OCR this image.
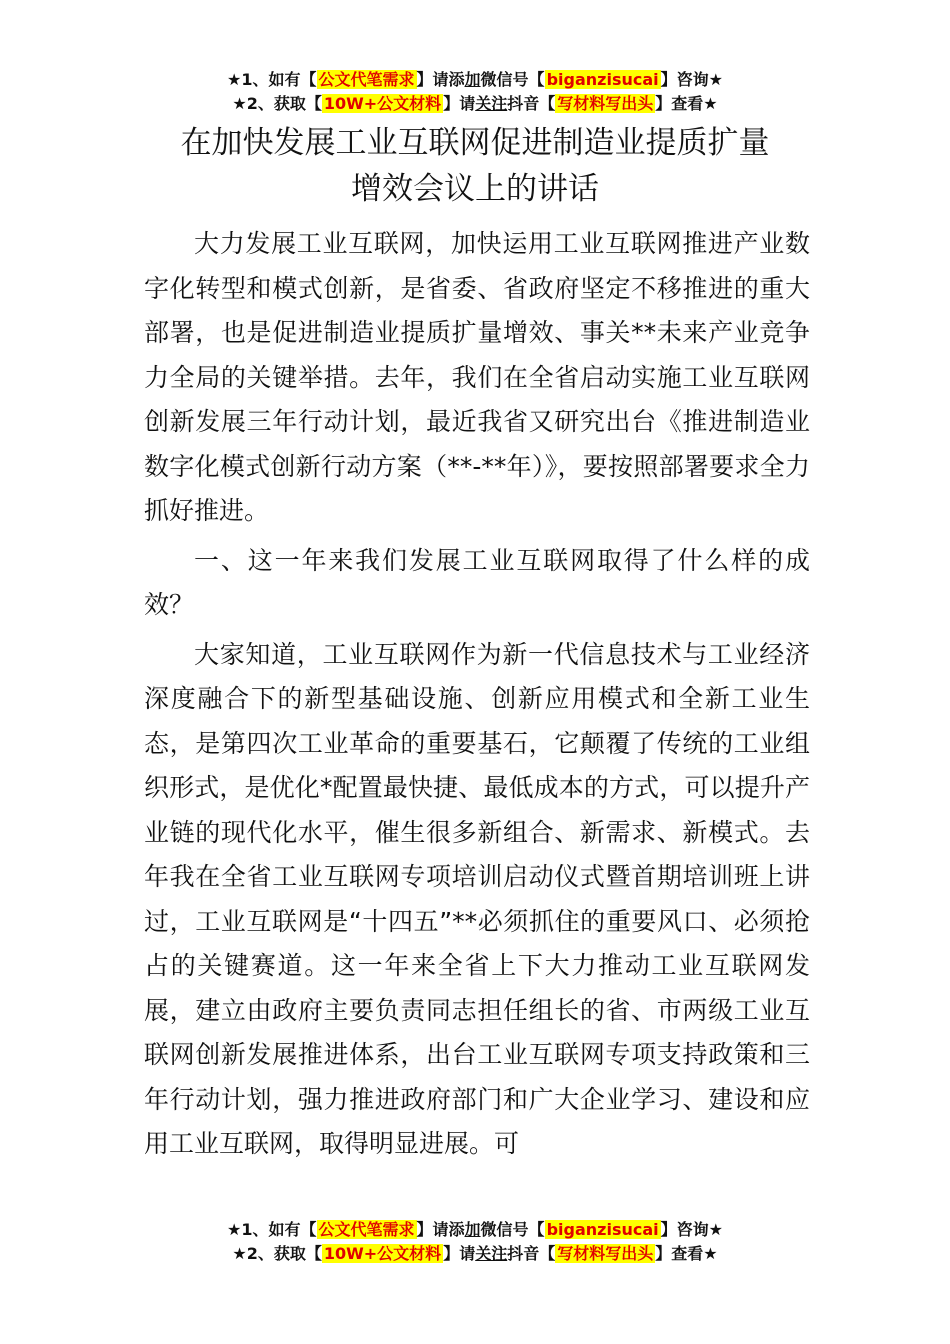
★1、如有【 公文代笔需求 】请添加微信号【 biganzisucai 】咨询★
★2、获取【 10W+公文材料 】请关注抖音【 写材料写出头 】查看★
在加快发展工业互联网促进制造业提质扩量
增效会议上的讲话

大力发展工业互联网，加快运用工业互联网推进产业数字化转型和模式创新，是省委、省政府坚定不移推进的重大部署，也是促进制造业提质扩量增效、事关**未来产业竞争力全局的关键举措。去年，我们在全省启动实施工业互联网创新发展三年行动计划，最近我省又研究出台《推进制造业数字化模式创新行动方案（**-**年）》，要按照部署要求全力抓好推进。

一、这一年来我们发展工业互联网取得了什么样的成效？

大家知道，工业互联网作为新一代信息技术与工业经济深度融合下的新型基础设施、创新应用模式和全新工业生态，是第四次工业革命的重要基石，它颠覆了传统的工业组织形式，是优化*配置最快捷、最低成本的方式，可以提升产业链的现代化水平，催生很多新组合、新需求、新模式。去年我在全省工业互联网专项培训启动仪式暨首期培训班上讲过，工业互联网是“十四五”**必须抓住的重要风口、必须抢占的关键赛道。这一年来全省上下大力推动工业互联网发展，建立由政府主要负责同志担任组长的省、市两级工业互联网创新发展推进体系，出台工业互联网专项支持政策和三年行动计划，强力推进政府部门和广大企业学习、建设和应用工业互联网，取得明显进展。可

★1、如有【 公文代笔需求 】请添加微信号【 biganzisucai 】咨询★
★2、获取【 10W+公文材料 】请关注抖音【 写材料写出头 】查看★
